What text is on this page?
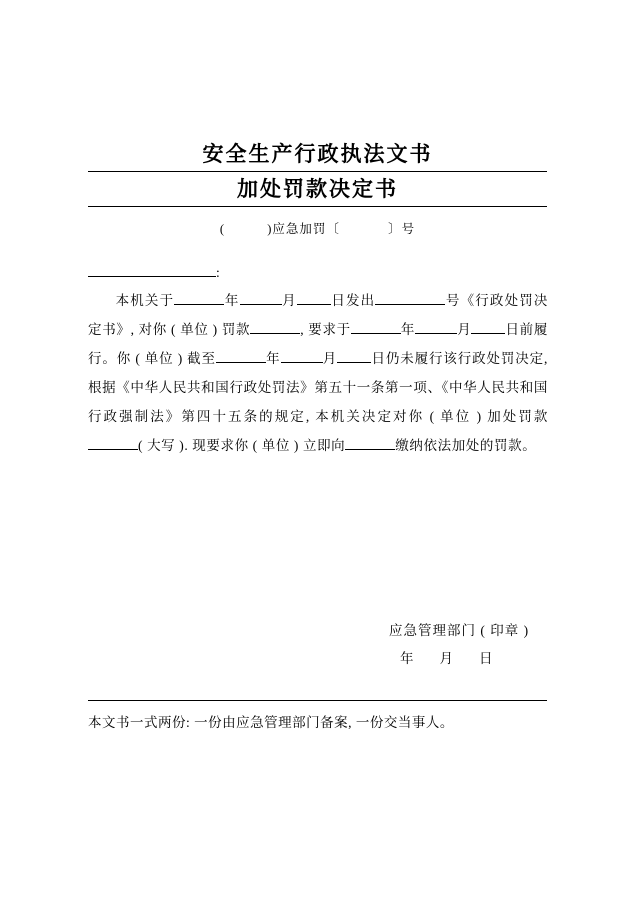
安全生产行政执法文书
加处罚款决定书
(	)应急加罚〔	〕号
:
本机关于	年	月	日发出	号《行政处罚决定书》, 对你 ( 单位 ) 罚款	, 要求于	年	月	日前履行。你 ( 单位 ) 截至	年	月	日仍未履行该行政处罚决定, 根据《中华人民共和国行政处罚法》第五十一条第一项、《中华人民共和国行政强制法》第四十五条的规定, 本机关决定对你 ( 单位 ) 加处罚款( 大写 ). 现要求你 ( 单位 ) 立即向	缴纳依法加处的罚款。
应急管理部门 ( 印章 )
年 月 日
本文书一式两份: 一份由应急管理部门备案, 一份交当事人。
